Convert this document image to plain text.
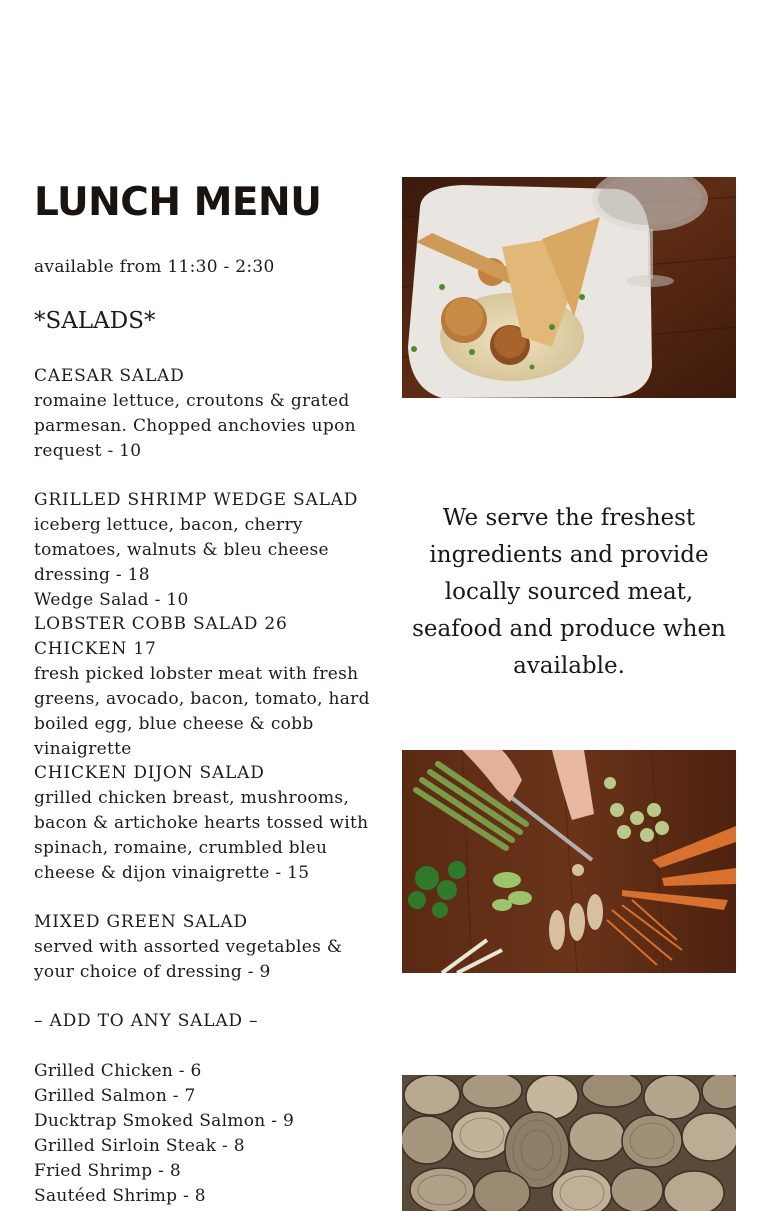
LUNCH MENU
available from 11:30 - 2:30
*SALADS*
CAESAR SALAD
romaine lettuce, croutons & grated parmesan. Chopped anchovies upon request - 10
GRILLED SHRIMP WEDGE SALAD
iceberg lettuce, bacon, cherry tomatoes, walnuts & bleu cheese dressing - 18
Wedge Salad - 10
LOBSTER COBB SALAD 26
CHICKEN 17
fresh picked lobster meat with fresh greens, avocado, bacon, tomato, hard boiled egg, blue cheese & cobb vinaigrette
CHICKEN DIJON SALAD
grilled chicken breast, mushrooms, bacon & artichoke hearts tossed with spinach, romaine, crumbled bleu cheese & dijon vinaigrette - 15
MIXED GREEN SALAD
served with assorted vegetables & your choice of dressing - 9
– ADD TO ANY SALAD –
Grilled Chicken - 6
Grilled Salmon - 7
Ducktrap Smoked Salmon - 9
Grilled Sirloin Steak - 8
Fried Shrimp - 8
Sautéed Shrimp - 8
We serve the freshest ingredients and provide locally sourced meat, seafood and produce when available.
